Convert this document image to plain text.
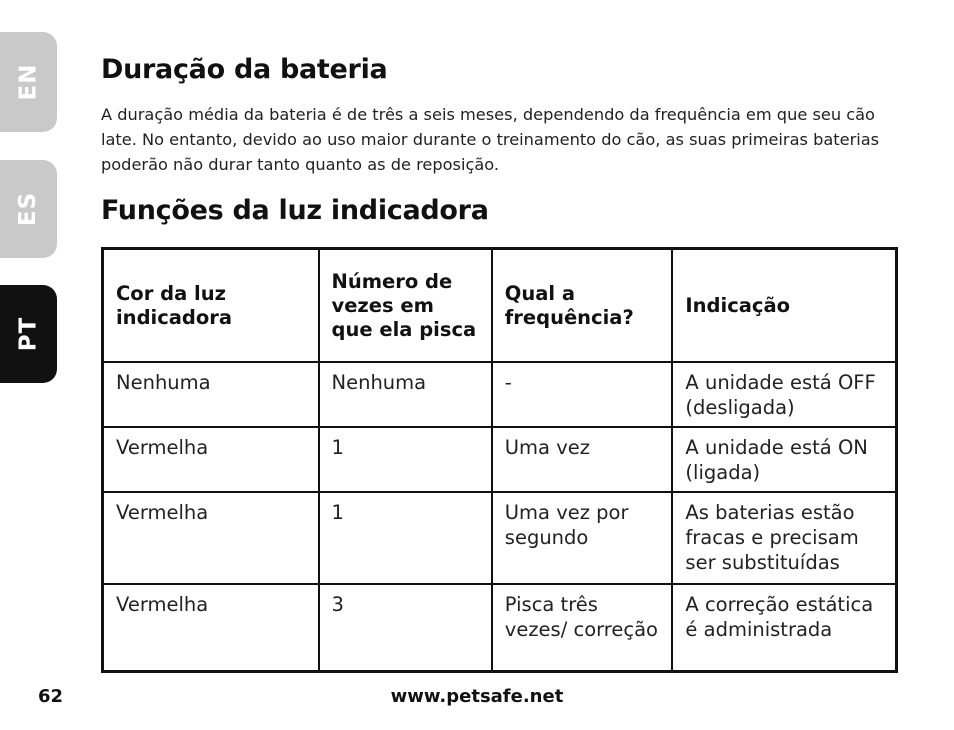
EN
ES
PT
Duração da bateria

A duração média da bateria é de três a seis meses, dependendo da frequência em que seu cão late. No entanto, devido ao uso maior durante o treinamento do cão, as suas primeiras baterias poderão não durar tanto quanto as de reposição.

Funções da luz indicadora
Cor da luz indicadora	Número de vezes em que ela pisca	Qual a frequência?	Indicação
Nenhuma	Nenhuma	-	A unidade está OFF (desligada)
Vermelha	1	Uma vez	A unidade está ON (ligada)
Vermelha	1	Uma vez por segundo	As baterias estão fracas e precisam ser substituídas
Vermelha	3	Pisca três vezes/ correção	A correção estática é administrada

62	www.petsafe.net
